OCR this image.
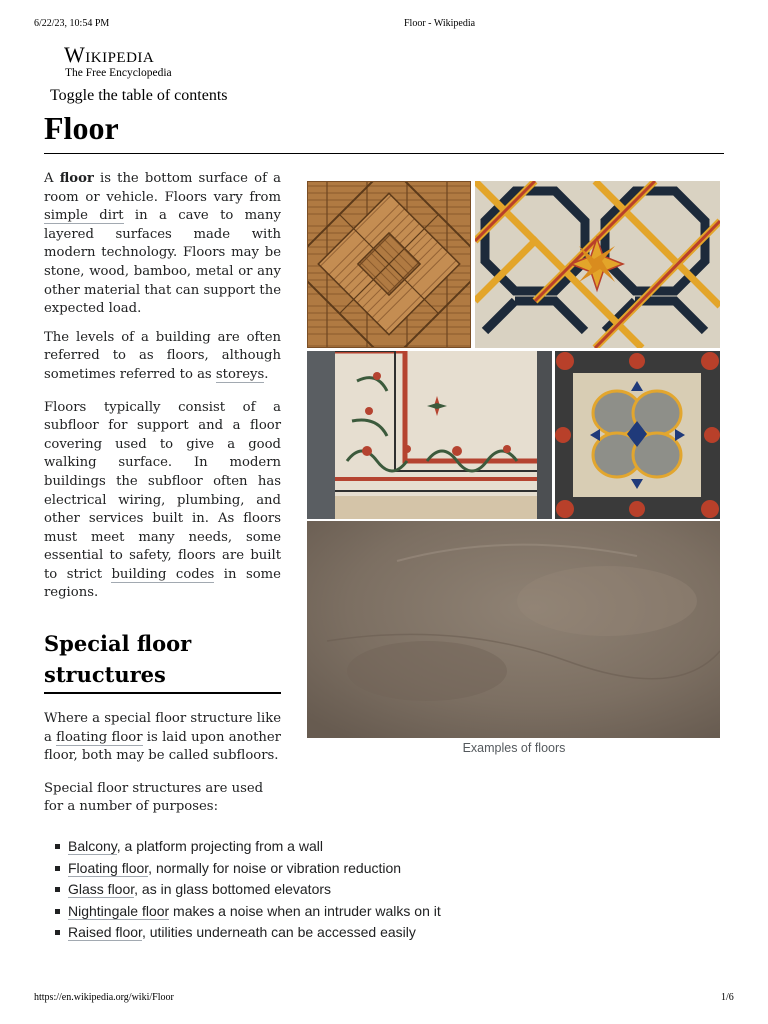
6/22/23, 10:54 PM	Floor - Wikipedia
Wikipedia
The Free Encyclopedia
Toggle the table of contents
Floor

A floor is the bottom surface of a room or vehicle. Floors vary from simple dirt in a cave to many layered surfaces made with modern technology. Floors may be stone, wood, bamboo, metal or any other material that can support the expected load.

The levels of a building are often referred to as floors, although sometimes referred to as storeys.

Floors typically consist of a subfloor for support and a floor covering used to give a good walking surface. In modern buildings the subfloor often has electrical wiring, plumbing, and other services built in. As floors must meet many needs, some essential to safety, floors are built to strict building codes in some regions.

Special floor structures

Where a special floor structure like a floating floor is laid upon another floor, both may be called subfloors.

Special floor structures are used for a number of purposes:

Examples of floors
Balcony, a platform projecting from a wall
Floating floor, normally for noise or vibration reduction
Glass floor, as in glass bottomed elevators
Nightingale floor makes a noise when an intruder walks on it
Raised floor, utilities underneath can be accessed easily
https://en.wikipedia.org/wiki/Floor	1/6
